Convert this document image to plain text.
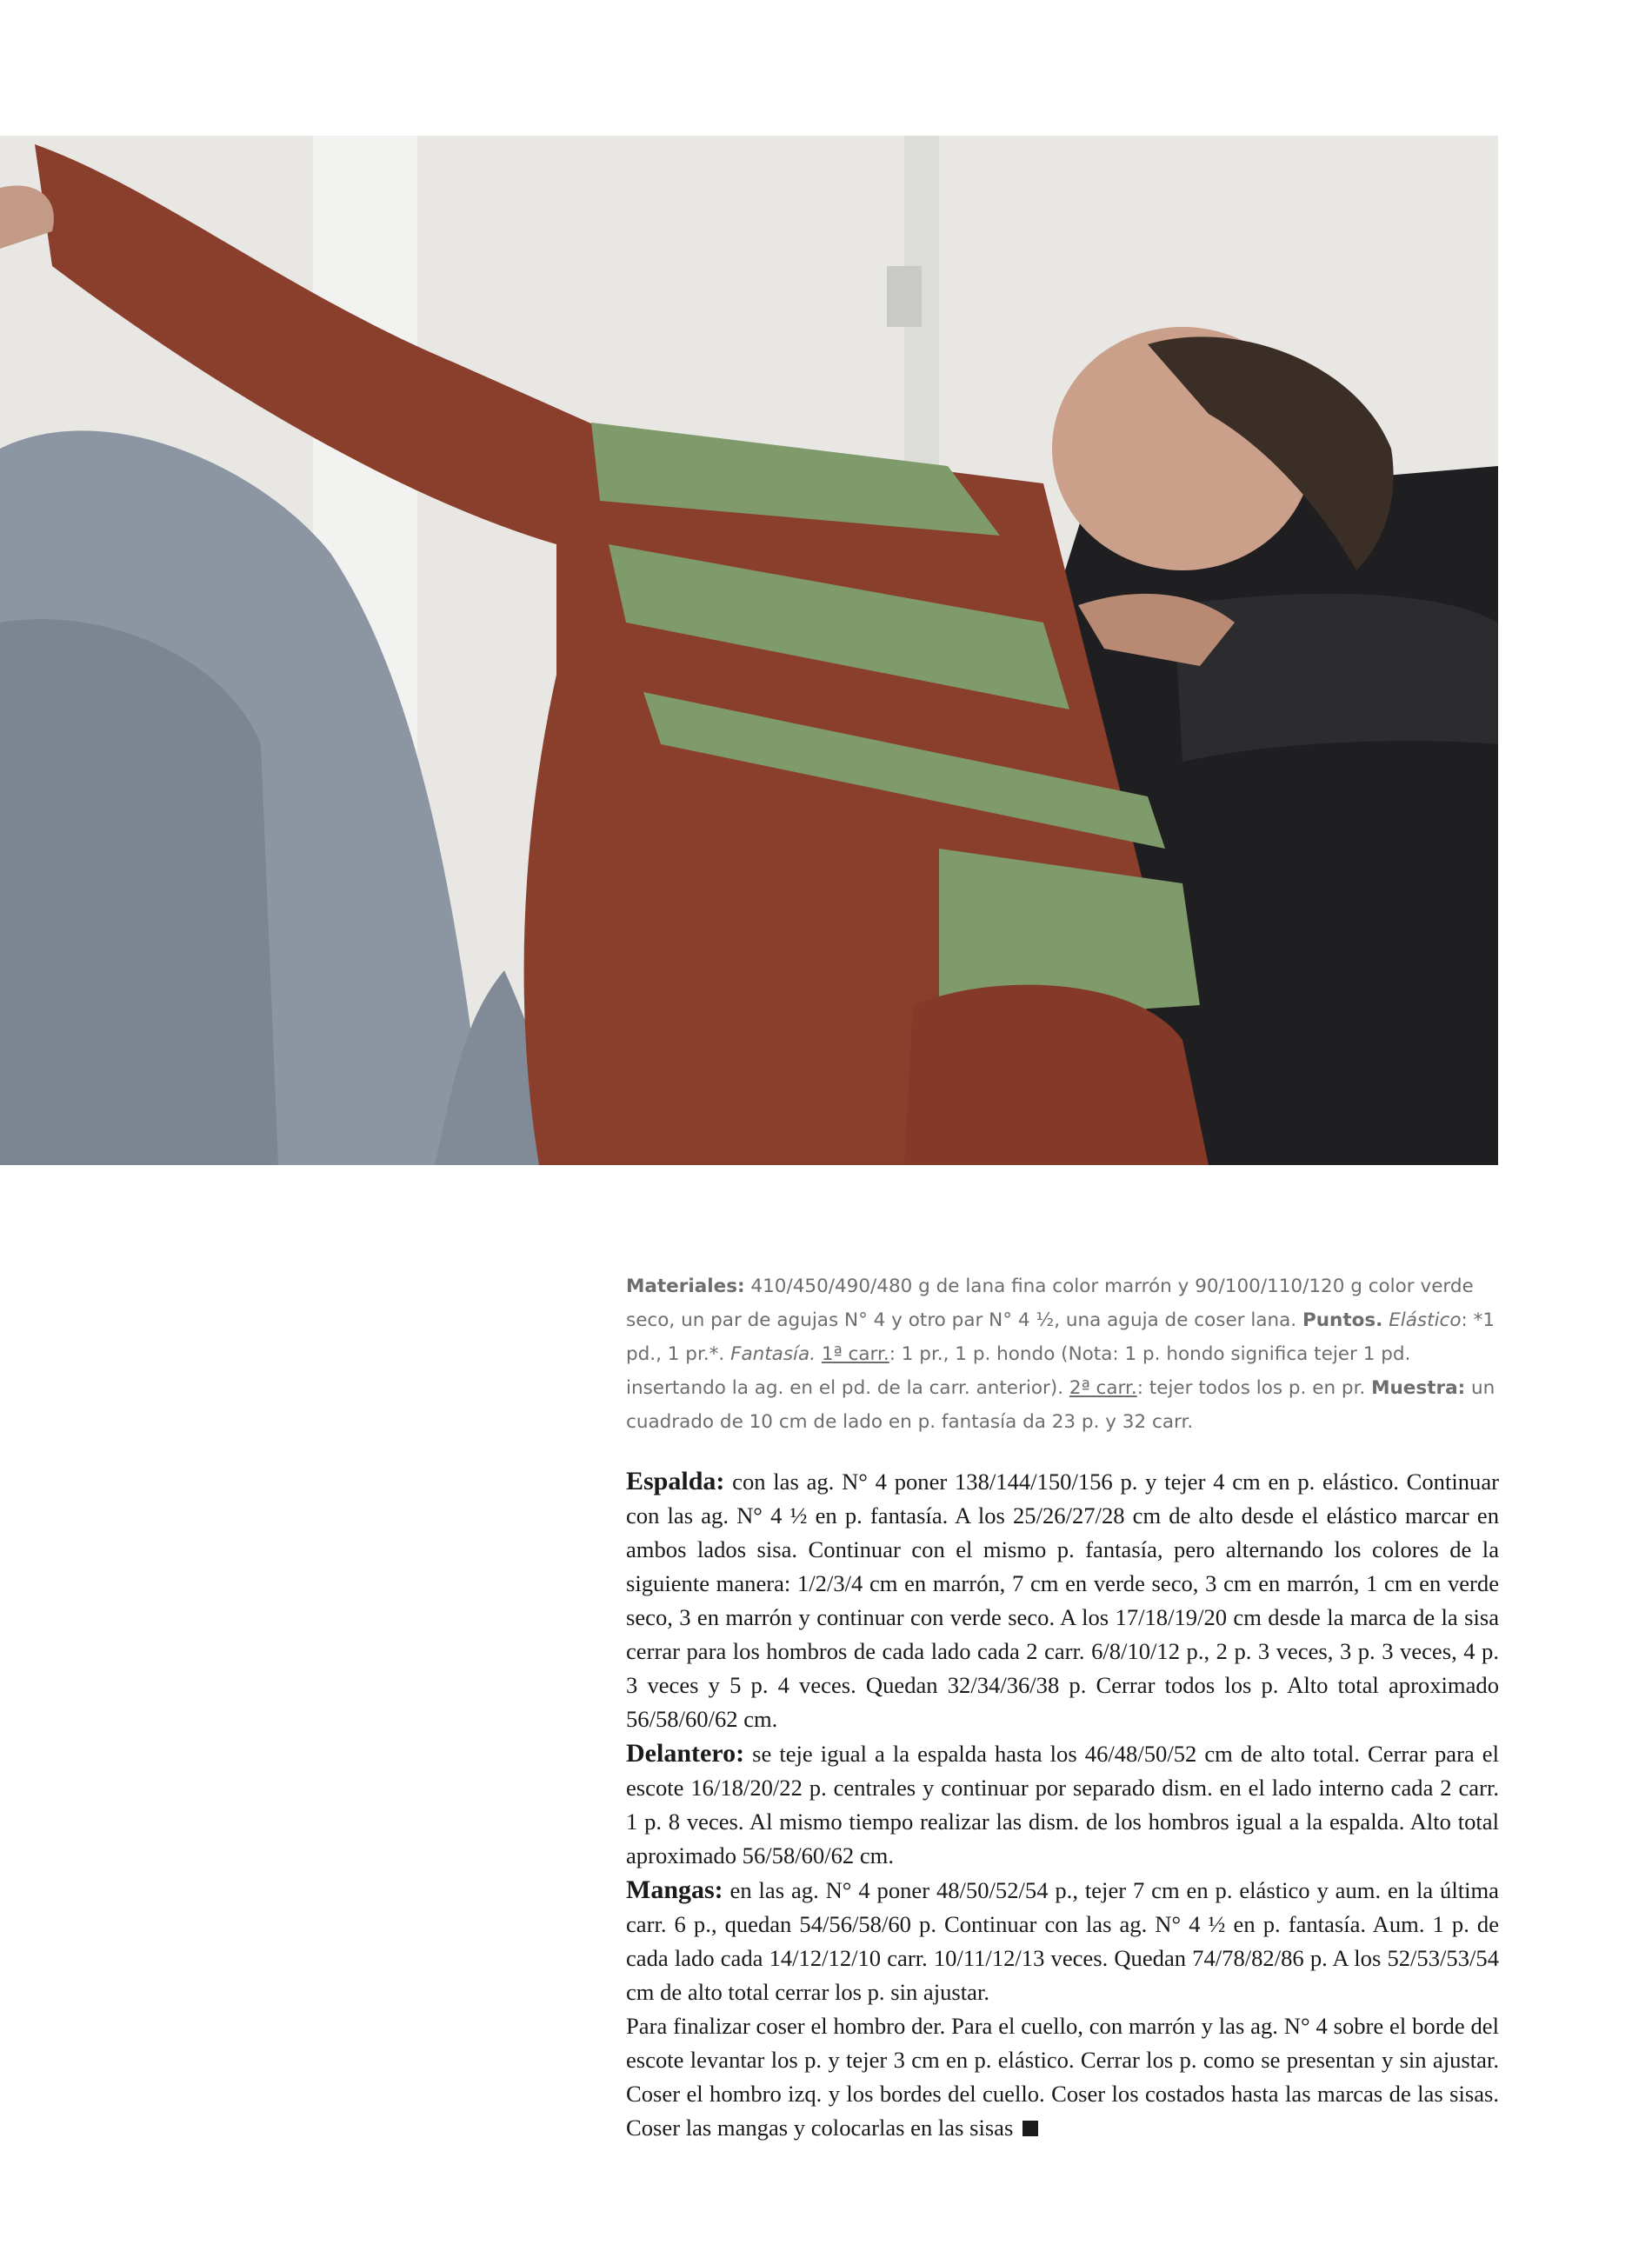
Materiales: 410/450/490/480 g de lana fina color marrón y 90/100/110/120 g color verde seco, un par de agujas N° 4 y otro par N° 4 ½, una aguja de coser lana. Puntos. Elástico: *1 pd., 1 pr.*. Fantasía. 1ª carr.: 1 pr., 1 p. hondo (Nota: 1 p. hondo significa tejer 1 pd. insertando la ag. en el pd. de la carr. anterior). 2ª carr.: tejer todos los p. en pr. Muestra: un cuadrado de 10 cm de lado en p. fantasía da 23 p. y 32 carr.

Espalda: con las ag. N° 4 poner 138/144/150/156 p. y tejer 4 cm en p. elástico. Continuar con las ag. N° 4 ½ en p. fantasía. A los 25/26/27/28 cm de alto desde el elástico marcar en ambos lados sisa. Continuar con el mismo p. fantasía, pero alternando los colores de la siguiente manera: 1/2/3/4 cm en marrón, 7 cm en verde seco, 3 cm en marrón, 1 cm en verde seco, 3 en marrón y continuar con verde seco. A los 17/18/19/20 cm desde la marca de la sisa cerrar para los hombros de cada lado cada 2 carr. 6/8/10/12 p., 2 p. 3 veces, 3 p. 3 veces, 4 p. 3 veces y 5 p. 4 veces. Quedan 32/34/36/38 p. Cerrar todos los p. Alto total aproximado 56/58/60/62 cm.

Delantero: se teje igual a la espalda hasta los 46/48/50/52 cm de alto total. Cerrar para el escote 16/18/20/22 p. centrales y continuar por separado dism. en el lado interno cada 2 carr. 1 p. 8 veces. Al mismo tiempo realizar las dism. de los hombros igual a la espalda. Alto total aproximado 56/58/60/62 cm.

Mangas: en las ag. N° 4 poner 48/50/52/54 p., tejer 7 cm en p. elástico y aum. en la última carr. 6 p., quedan 54/56/58/60 p. Continuar con las ag. N° 4 ½ en p. fantasía. Aum. 1 p. de cada lado cada 14/12/12/10 carr. 10/11/12/13 veces. Quedan 74/78/82/86 p. A los 52/53/53/54 cm de alto total cerrar los p. sin ajustar.

Para finalizar coser el hombro der. Para el cuello, con marrón y las ag. N° 4 sobre el borde del escote levantar los p. y tejer 3 cm en p. elástico. Cerrar los p. como se presentan y sin ajustar. Coser el hombro izq. y los bordes del cuello. Coser los costados hasta las marcas de las sisas. Coser las mangas y colocarlas en las sisas
